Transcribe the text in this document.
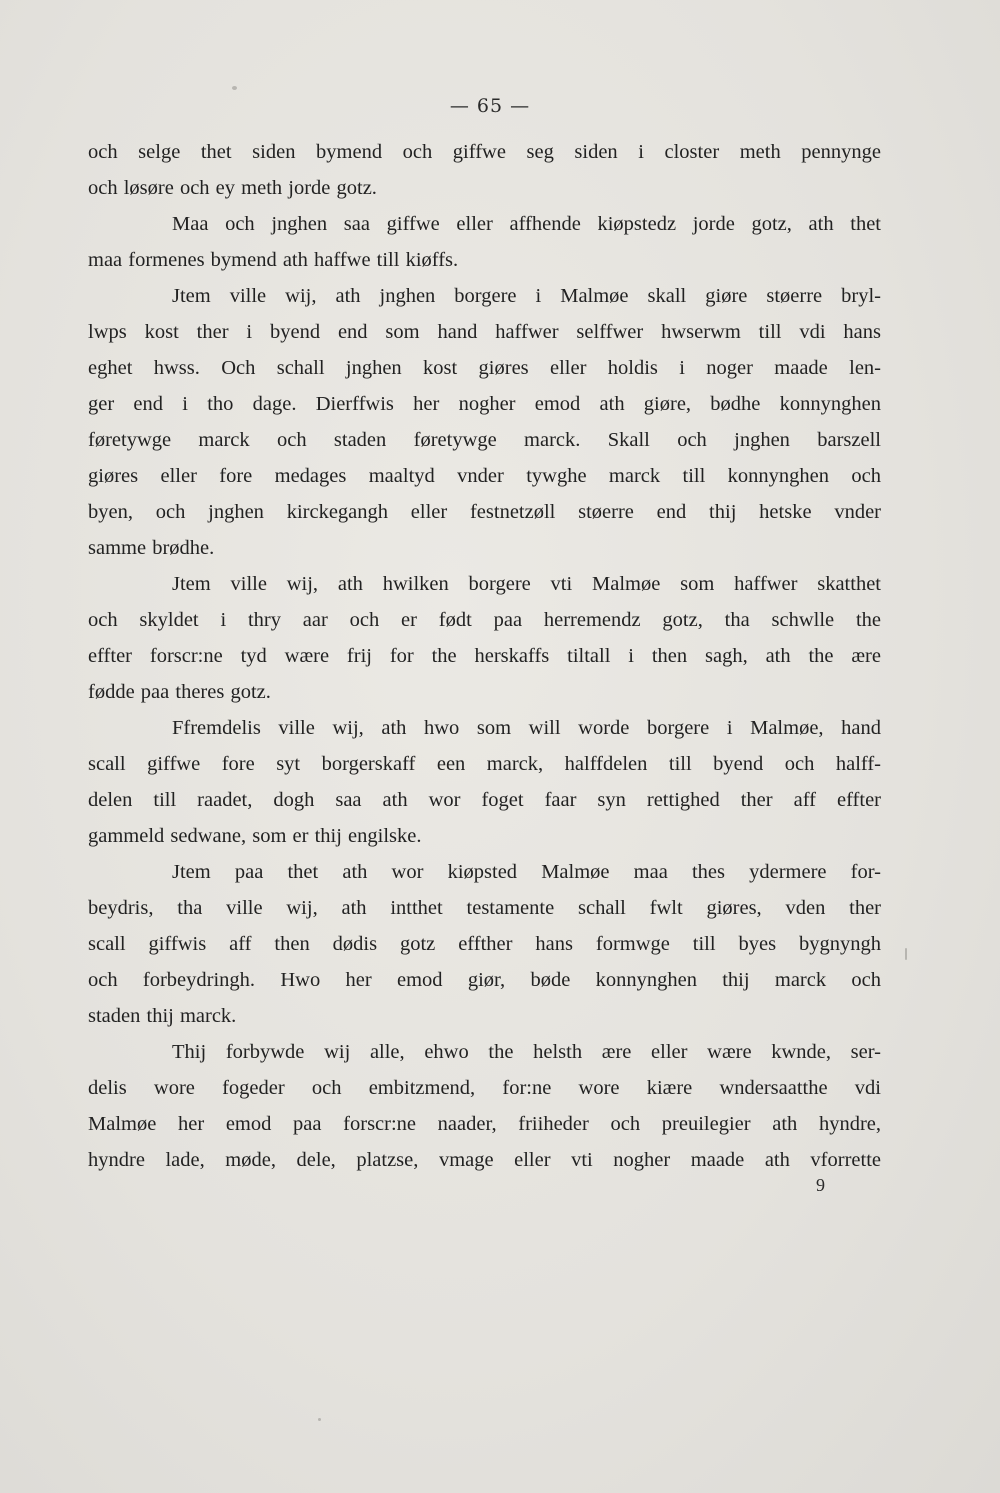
— 65 —
och selge thet siden bymend och giffwe seg siden i closter meth pennynge
och løsøre och ey meth jorde gotz.
Maa och jnghen saa giffwe eller affhende kiøpstedz jorde gotz, ath thet
maa formenes bymend ath haffwe till kiøffs.
Jtem ville wij, ath jnghen borgere i Malmøe skall giøre støerre bryl-
lwps kost ther i byend end som hand haffwer selffwer hwserwm till vdi hans
eghet hwss. Och schall jnghen kost giøres eller holdis i noger maade len-
ger end i tho dage. Dierffwis her nogher emod ath giøre, bødhe konnynghen
føretywge marck och staden føretywge marck. Skall och jnghen barszell
giøres eller fore medages maaltyd vnder tywghe marck till konnynghen och
byen, och jnghen kirckegangh eller festnetzøll støerre end thij hetske vnder
samme brødhe.
Jtem ville wij, ath hwilken borgere vti Malmøe som haffwer skatthet
och skyldet i thry aar och er født paa herremendz gotz, tha schwlle the
effter forscr:ne tyd wære frij for the herskaffs tiltall i then sagh, ath the ære
fødde paa theres gotz.
Ffremdelis ville wij, ath hwo som will worde borgere i Malmøe, hand
scall giffwe fore syt borgerskaff een marck, halffdelen till byend och halff-
delen till raadet, dogh saa ath wor foget faar syn rettighed ther aff effter
gammeld sedwane, som er thij engilske.
Jtem paa thet ath wor kiøpsted Malmøe maa thes ydermere for-
beydris, tha ville wij, ath intthet testamente schall fwlt giøres, vden ther
scall giffwis aff then dødis gotz effther hans formwge till byes bygnyngh
och forbeydringh. Hwo her emod giør, bøde konnynghen thij marck och
staden thij marck.
Thij forbywde wij alle, ehwo the helsth ære eller wære kwnde, ser-
delis wore fogeder och embitzmend, for:ne wore kiære wndersaatthe vdi
Malmøe her emod paa forscr:ne naader, friiheder och preuilegier ath hyndre,
hyndre lade, møde, dele, platzse, vmage eller vti nogher maade ath vforrette
9
